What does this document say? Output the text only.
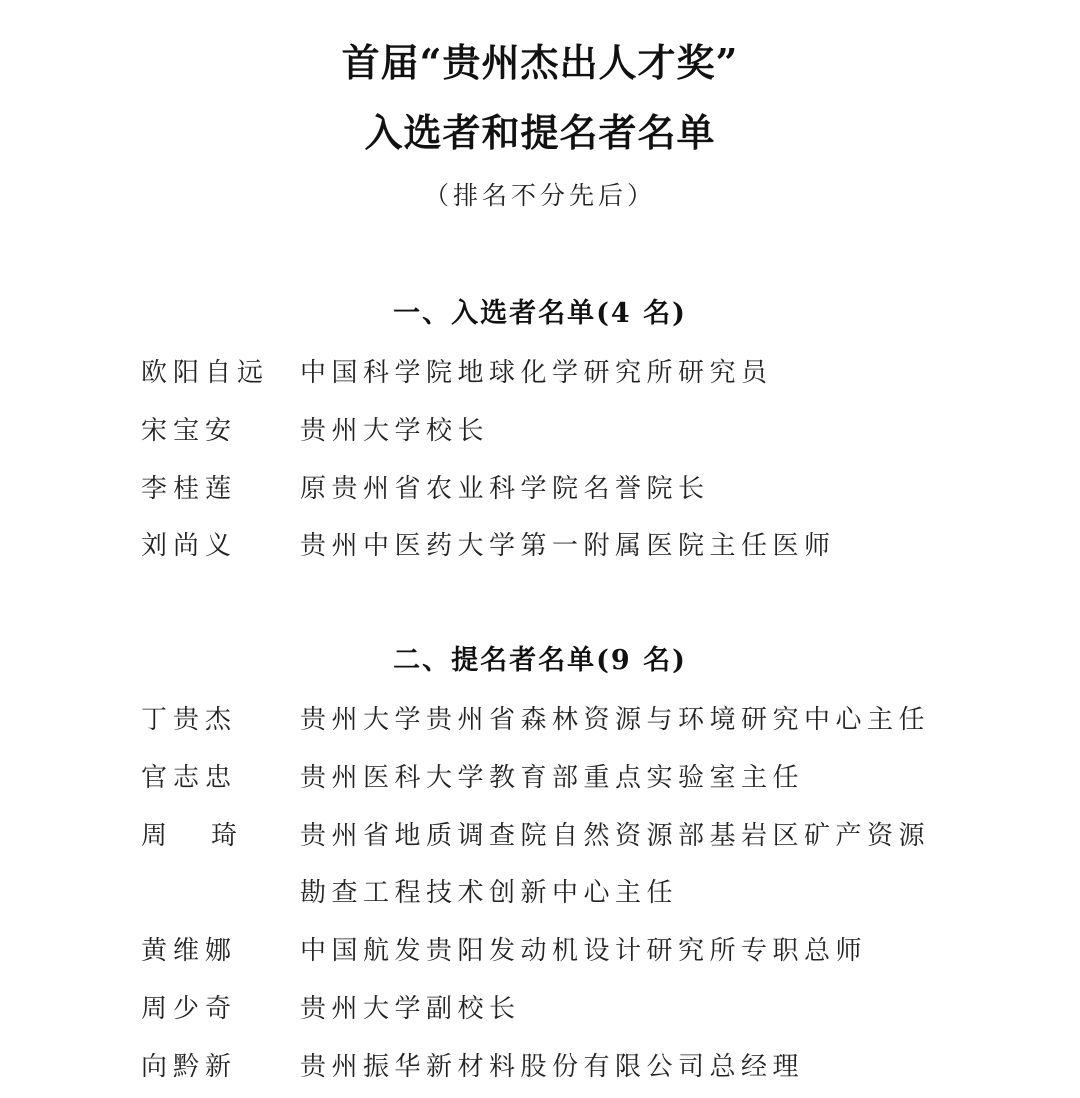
首届“贵州杰出人才奖”
入选者和提名者名单
（排名不分先后）
一、入选者名单(4 名)
欧阳自远 中国科学院地球化学研究所研究员
宋宝安 贵州大学校长
李桂莲 原贵州省农业科学院名誉院长
刘尚义 贵州中医药大学第一附属医院主任医师
二、提名者名单(9 名)
丁贵杰 贵州大学贵州省森林资源与环境研究中心主任
官志忠 贵州医科大学教育部重点实验室主任
周琦 贵州省地质调查院自然资源部基岩区矿产资源
勘查工程技术创新中心主任
黄维娜 中国航发贵阳发动机设计研究所专职总师
周少奇 贵州大学副校长
向黔新 贵州振华新材料股份有限公司总经理
